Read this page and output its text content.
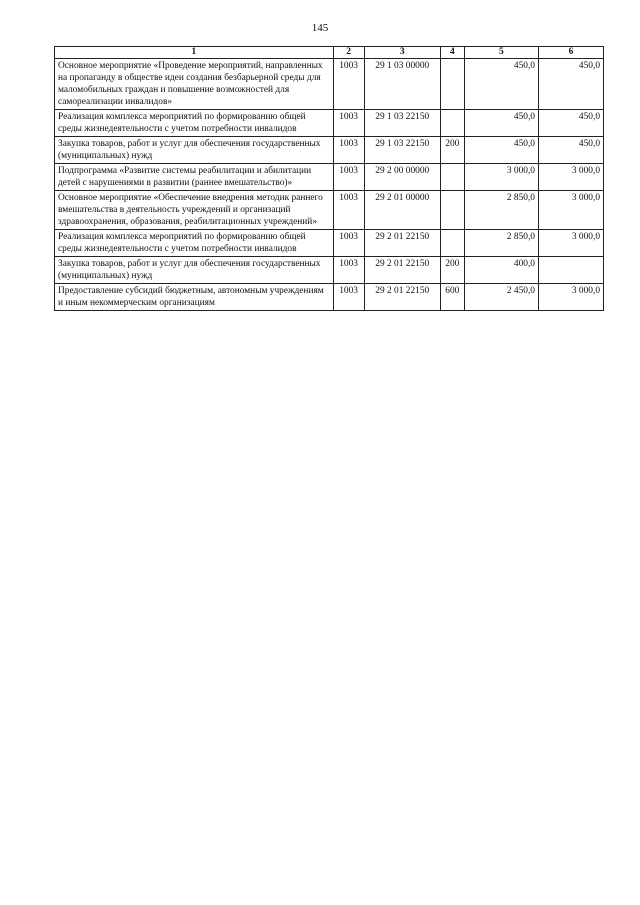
145
1	2	3	4	5	6
Основное мероприятие «Проведение мероприятий, направленных на пропаганду в обществе идеи создания безбарьерной среды для маломобильных граждан и повышение возможностей для самореализации инвалидов»	1003	29 1 03 00000		450,0	450,0
Реализация комплекса мероприятий по формированию общей среды жизнедеятельности с учетом потребности инвалидов	1003	29 1 03 22150		450,0	450,0
Закупка товаров, работ и услуг для обеспечения государственных (муниципальных) нужд	1003	29 1 03 22150	200	450,0	450,0
Подпрограмма «Развитие системы реабилитации и абилитации детей с нарушениями в развитии (раннее вмешательство)»	1003	29 2 00 00000		3 000,0	3 000,0
Основное мероприятие «Обеспечение внедрения методик раннего вмешательства в деятельность учреждений и организаций здравоохранения, образования, реабилитационных учреждений»	1003	29 2 01 00000		2 850,0	3 000,0
Реализация комплекса мероприятий по формированию общей среды жизнедеятельности с учетом потребности инвалидов	1003	29 2 01 22150		2 850,0	3 000,0
Закупка товаров, работ и услуг для обеспечения государственных (муниципальных) нужд	1003	29 2 01 22150	200	400,0	
Предоставление субсидий бюджетным, автономным учреждениям и иным некоммерческим организациям	1003	29 2 01 22150	600	2 450,0	3 000,0
